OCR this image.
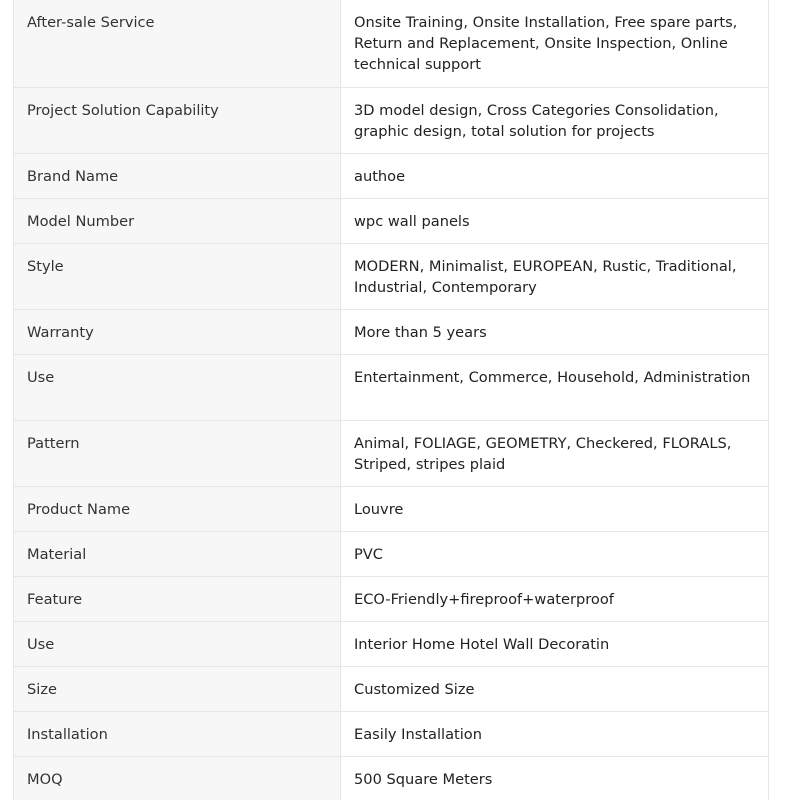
After-sale Service	Onsite Training, Onsite Installation, Free spare parts, Return and Replacement, Onsite Inspection, Online technical support
Project Solution Capability	3D model design, Cross Categories Consolidation, graphic design, total solution for projects
Brand Name	authoe
Model Number	wpc wall panels
Style	MODERN, Minimalist, EUROPEAN, Rustic, Traditional, Industrial, Contemporary
Warranty	More than 5 years
Use	Entertainment, Commerce, Household, Administration
Pattern	Animal, FOLIAGE, GEOMETRY, Checkered, FLORALS, Striped, stripes plaid
Product Name	Louvre
Material	PVC
Feature	ECO-Friendly+fireproof+waterproof
Use	Interior Home Hotel Wall Decoratin
Size	Customized Size
Installation	Easily Installation
MOQ	500 Square Meters
